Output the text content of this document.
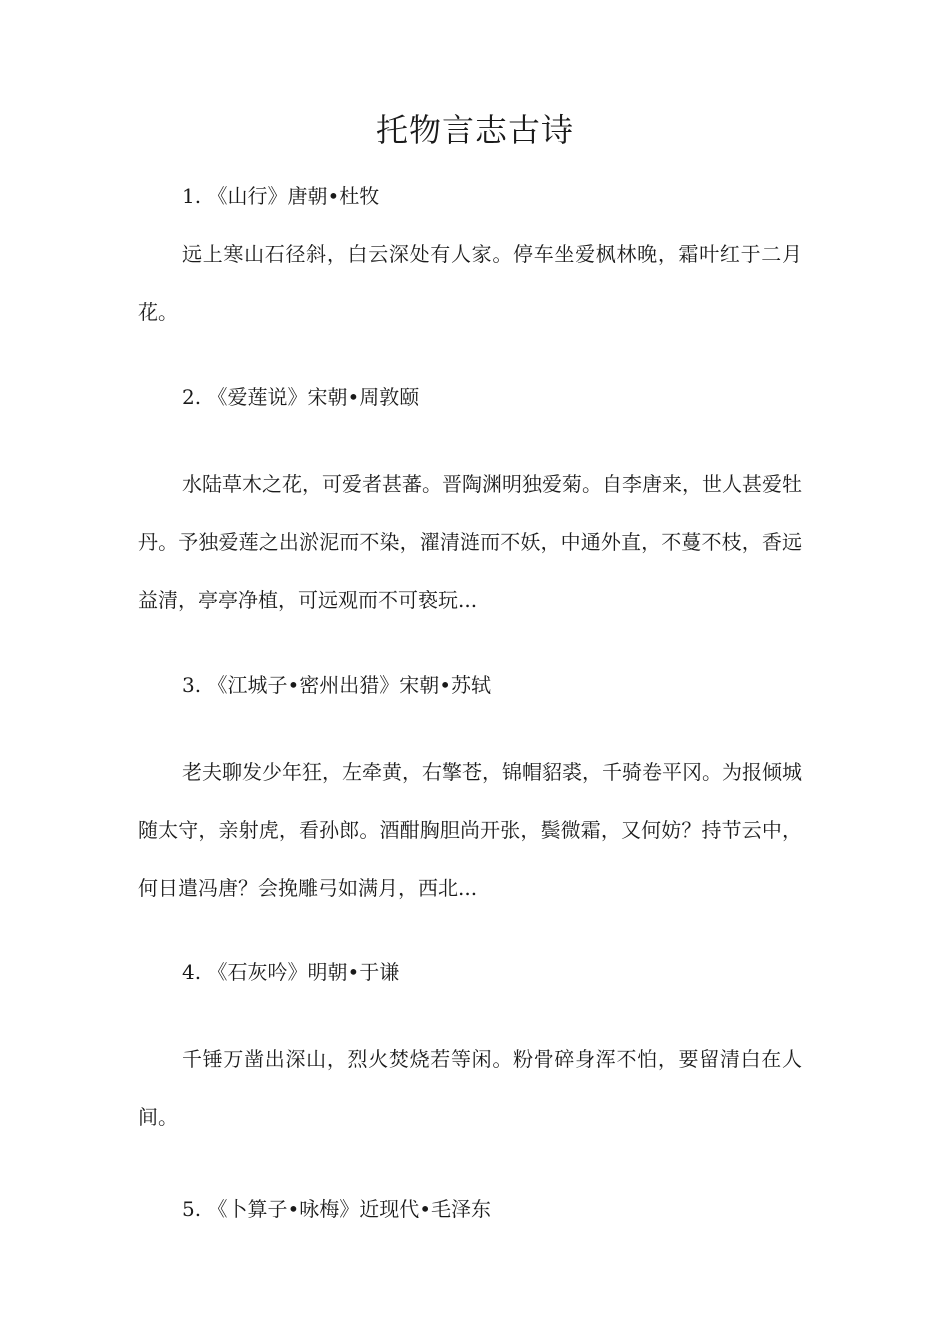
托物言志古诗
1. 《山行》唐朝•杜牧

远上寒山石径斜，白云深处有人家。停车坐爱枫林晚，霜叶红于二月花。

2. 《爱莲说》宋朝•周敦颐

水陆草木之花，可爱者甚蕃。晋陶渊明独爱菊。自李唐来，世人甚爱牡丹。予独爱莲之出淤泥而不染，濯清涟而不妖，中通外直，不蔓不枝，香远益清，亭亭净植，可远观而不可亵玩...

3. 《江城子•密州出猎》宋朝•苏轼

老夫聊发少年狂，左牵黄，右擎苍，锦帽貂裘，千骑卷平冈。为报倾城随太守，亲射虎，看孙郎。酒酣胸胆尚开张，鬓微霜，又何妨？持节云中，何日遣冯唐？会挽雕弓如满月，西北...

4. 《石灰吟》明朝•于谦

千锤万凿出深山，烈火焚烧若等闲。粉骨碎身浑不怕，要留清白在人间。

5. 《卜算子•咏梅》近现代•毛泽东
